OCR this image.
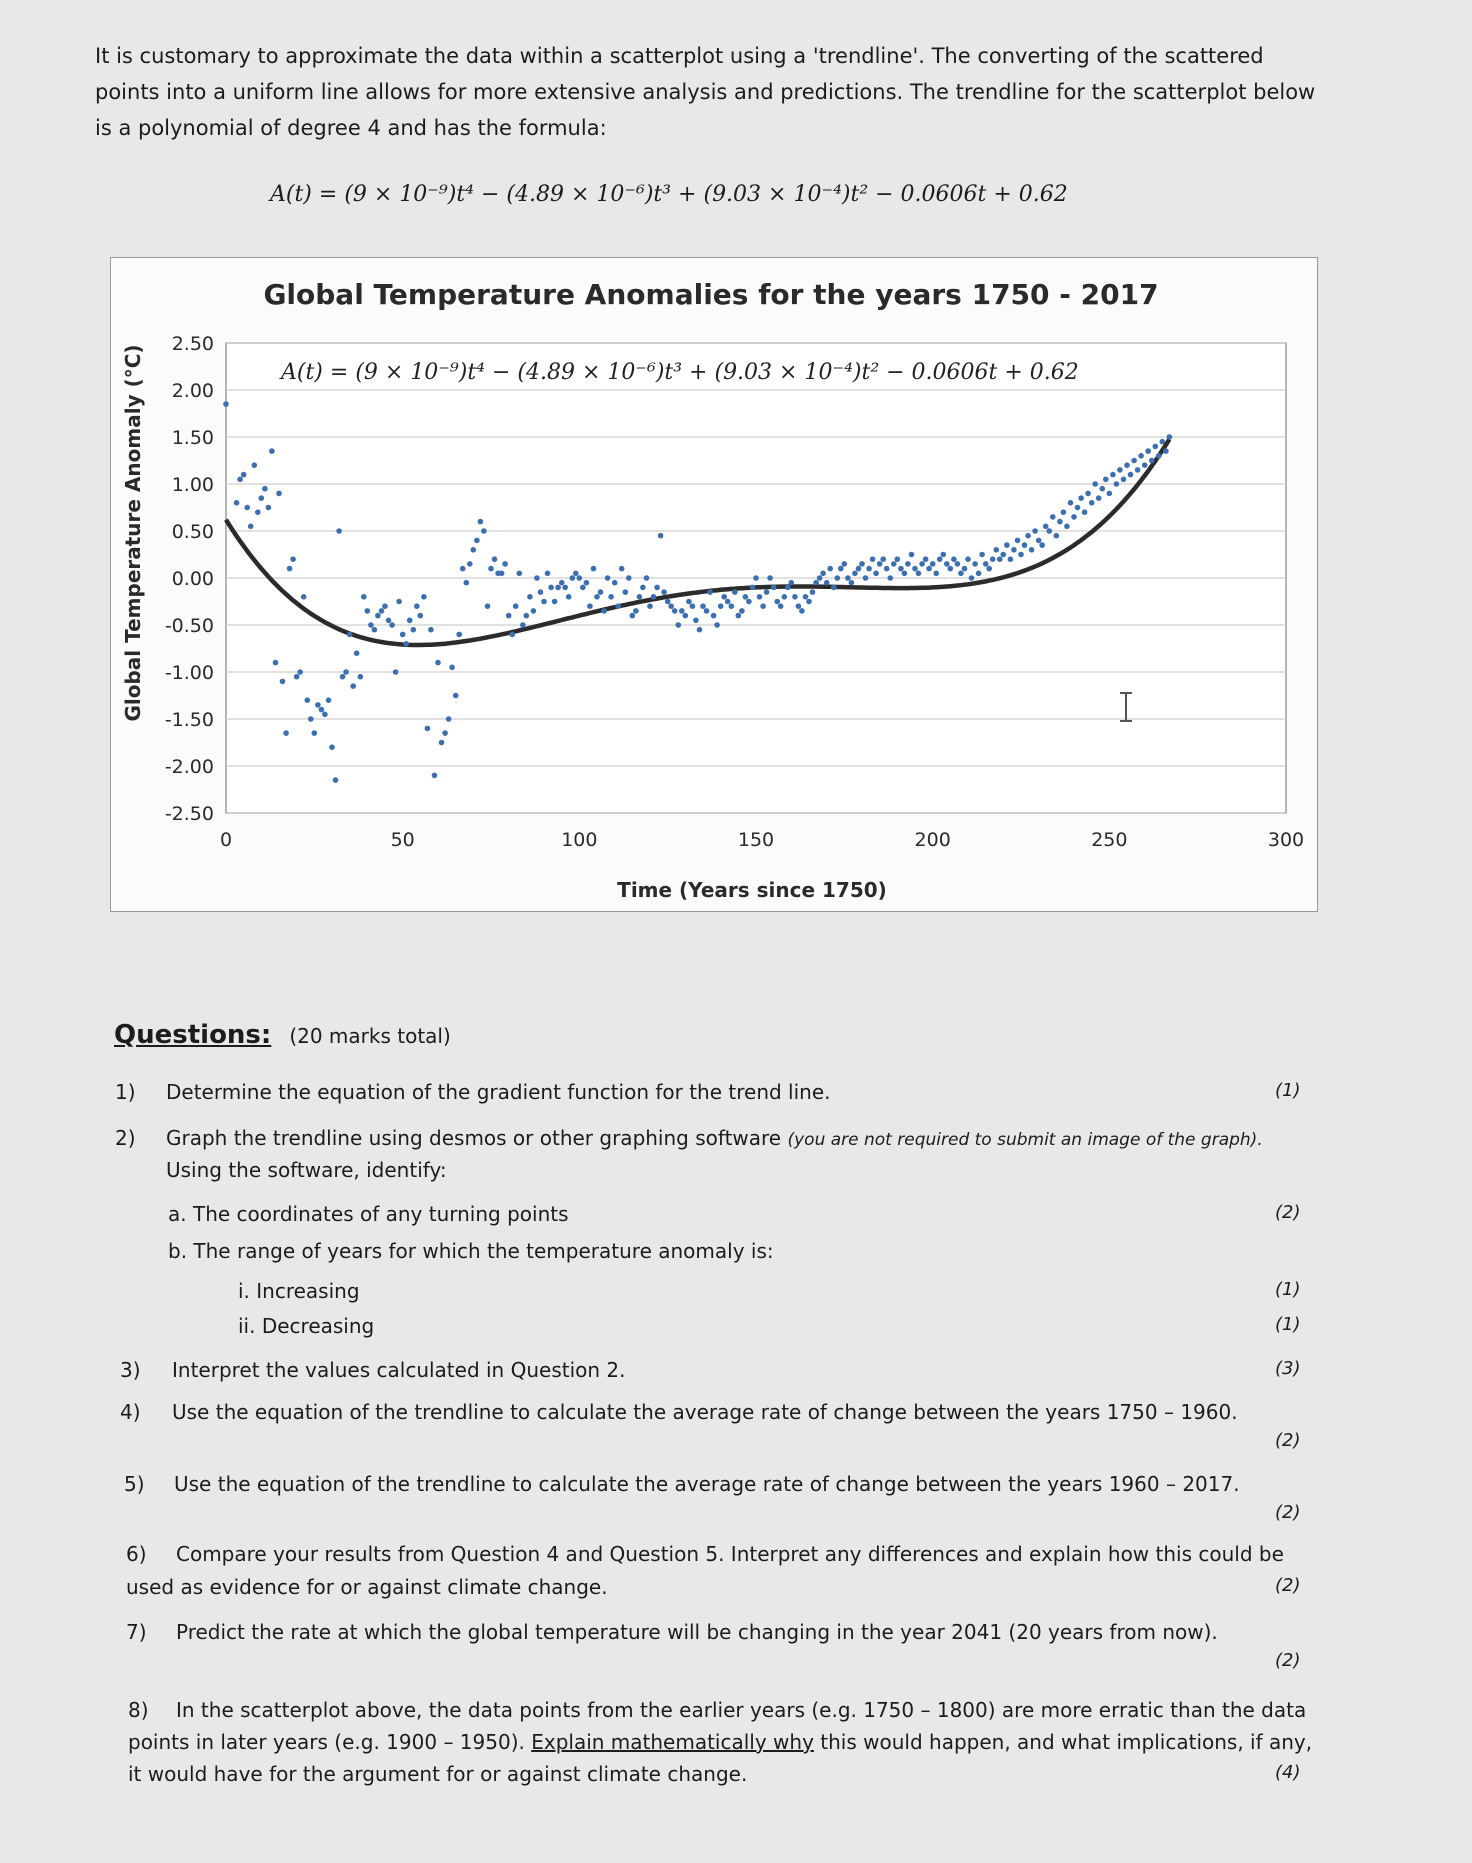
It is customary to approximate the data within a scatterplot using a 'trendline'. The converting of the scattered points into a uniform line allows for more extensive analysis and predictions. The trendline for the scatterplot below is a polynomial of degree 4 and has the formula:

A(t) = (9 × 10⁻⁹)t⁴ − (4.89 × 10⁻⁶)t³ + (9.03 × 10⁻⁴)t² − 0.0606t + 0.62
Global Temperature Anomalies for the years 1750 - 2017
2.50
2.00
1.50
1.00
0.50
0.00
-0.50
-1.00
-1.50
-2.00
-2.50
0	50	100	150	200	250	300
A(t) = (9 × 10⁻⁹)t⁴ − (4.89 × 10⁻⁶)t³ + (9.03 × 10⁻⁴)t² − 0.0606t + 0.62
Time (Years since 1750)
Global Temperature Anomaly (°C)
Questions: (20 marks total)
1) Determine the equation of the gradient function for the trend line.	(1)
2) Graph the trendline using desmos or other graphing software (you are not required to submit an image of the graph).
Using the software, identify:
a. The coordinates of any turning points	(2)
b. The range of years for which the temperature anomaly is:
i. Increasing	(1)
ii. Decreasing	(1)
3) Interpret the values calculated in Question 2.	(3)
4) Use the equation of the trendline to calculate the average rate of change between the years 1750 – 1960.
(2)
5) Use the equation of the trendline to calculate the average rate of change between the years 1960 – 2017.
(2)
6) Compare your results from Question 4 and Question 5. Interpret any differences and explain how this could be
used as evidence for or against climate change.	(2)
7) Predict the rate at which the global temperature will be changing in the year 2041 (20 years from now).
(2)
8) In the scatterplot above, the data points from the earlier years (e.g. 1750 – 1800) are more erratic than the data
points in later years (e.g. 1900 – 1950). Explain mathematically why this would happen, and what implications, if any,
it would have for the argument for or against climate change.	(4)
